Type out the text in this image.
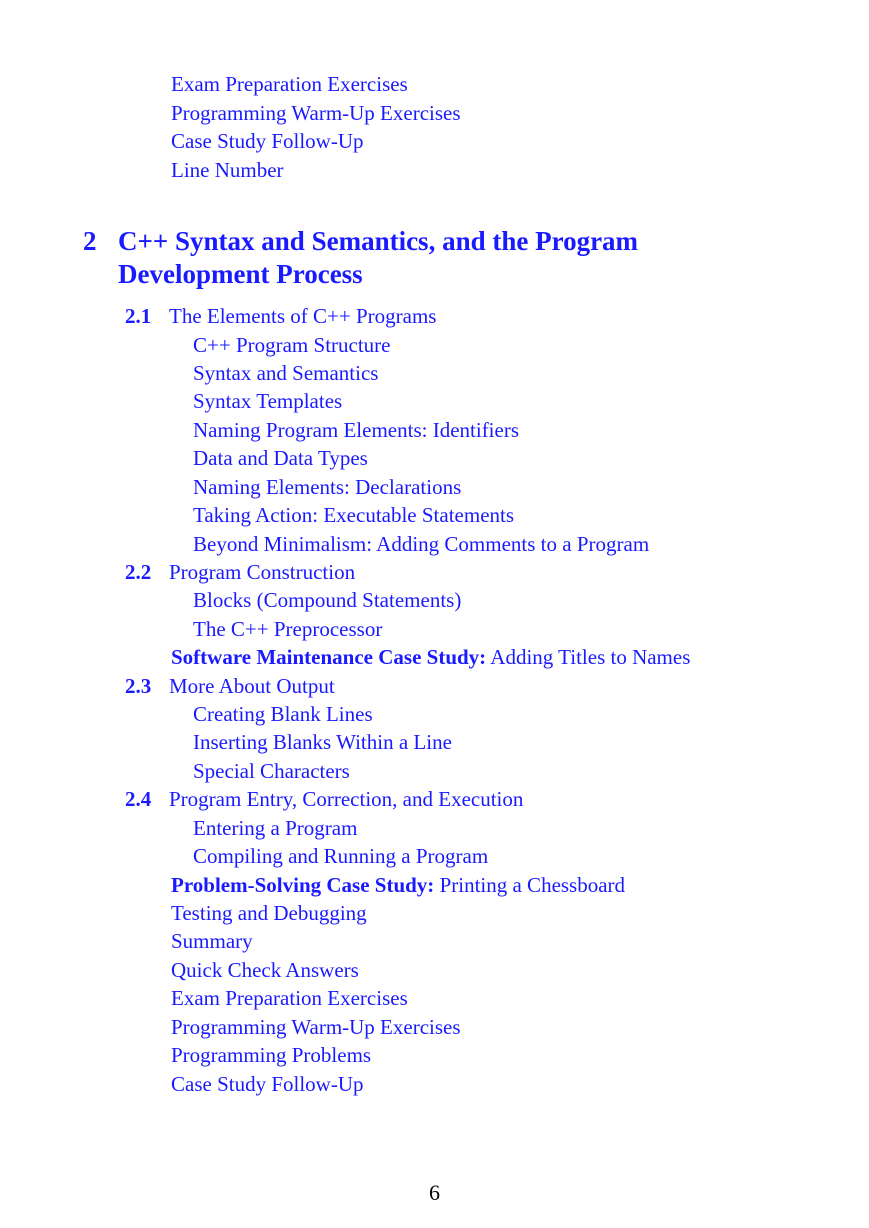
Exam Preparation Exercises
Programming Warm-Up Exercises
Case Study Follow-Up
Line Number
2 C++ Syntax and Semantics, and the Program Development Process
2.1 The Elements of C++ Programs
C++ Program Structure
Syntax and Semantics
Syntax Templates
Naming Program Elements: Identifiers
Data and Data Types
Naming Elements: Declarations
Taking Action: Executable Statements
Beyond Minimalism: Adding Comments to a Program
2.2 Program Construction
Blocks (Compound Statements)
The C++ Preprocessor
Software Maintenance Case Study: Adding Titles to Names
2.3 More About Output
Creating Blank Lines
Inserting Blanks Within a Line
Special Characters
2.4 Program Entry, Correction, and Execution
Entering a Program
Compiling and Running a Program
Problem-Solving Case Study: Printing a Chessboard
Testing and Debugging
Summary
Quick Check Answers
Exam Preparation Exercises
Programming Warm-Up Exercises
Programming Problems
Case Study Follow-Up
6
